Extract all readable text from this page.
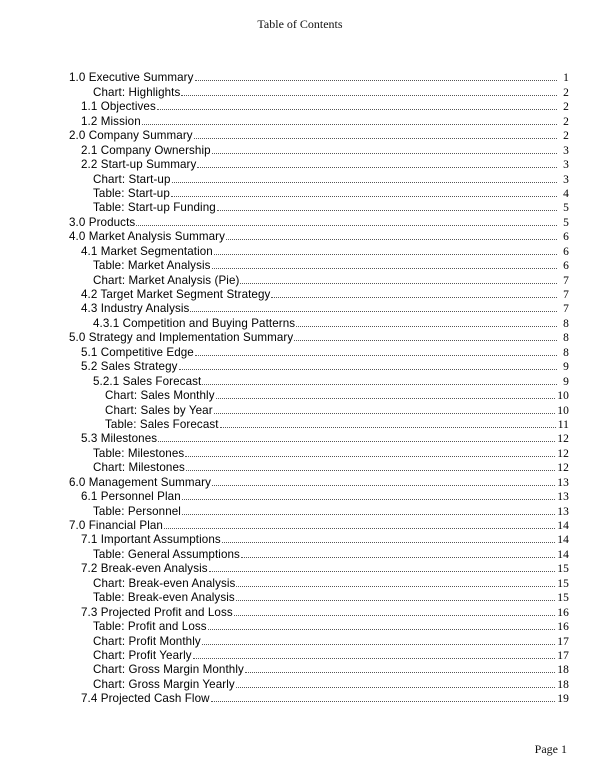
Table of Contents
1.0 Executive Summary	1
Chart: Highlights	2
1.1 Objectives	2
1.2 Mission	2
2.0 Company Summary	2
2.1 Company Ownership	3
2.2 Start-up Summary	3
Chart: Start-up	3
Table: Start-up	4
Table: Start-up Funding	5
3.0 Products	5
4.0 Market Analysis Summary	6
4.1 Market Segmentation	6
Table: Market Analysis	6
Chart: Market Analysis (Pie)	7
4.2 Target Market Segment Strategy	7
4.3 Industry Analysis	7
4.3.1 Competition and Buying Patterns	8
5.0 Strategy and Implementation Summary	8
5.1 Competitive Edge	8
5.2 Sales Strategy	9
5.2.1 Sales Forecast	9
Chart: Sales Monthly	10
Chart: Sales by Year	10
Table: Sales Forecast	11
5.3 Milestones	12
Table: Milestones	12
Chart: Milestones	12
6.0 Management Summary	13
6.1 Personnel Plan	13
Table: Personnel	13
7.0 Financial Plan	14
7.1 Important Assumptions	14
Table: General Assumptions	14
7.2 Break-even Analysis	15
Chart: Break-even Analysis	15
Table: Break-even Analysis	15
7.3 Projected Profit and Loss	16
Table: Profit and Loss	16
Chart: Profit Monthly	17
Chart: Profit Yearly	17
Chart: Gross Margin Monthly	18
Chart: Gross Margin Yearly	18
7.4 Projected Cash Flow	19
Page 1
